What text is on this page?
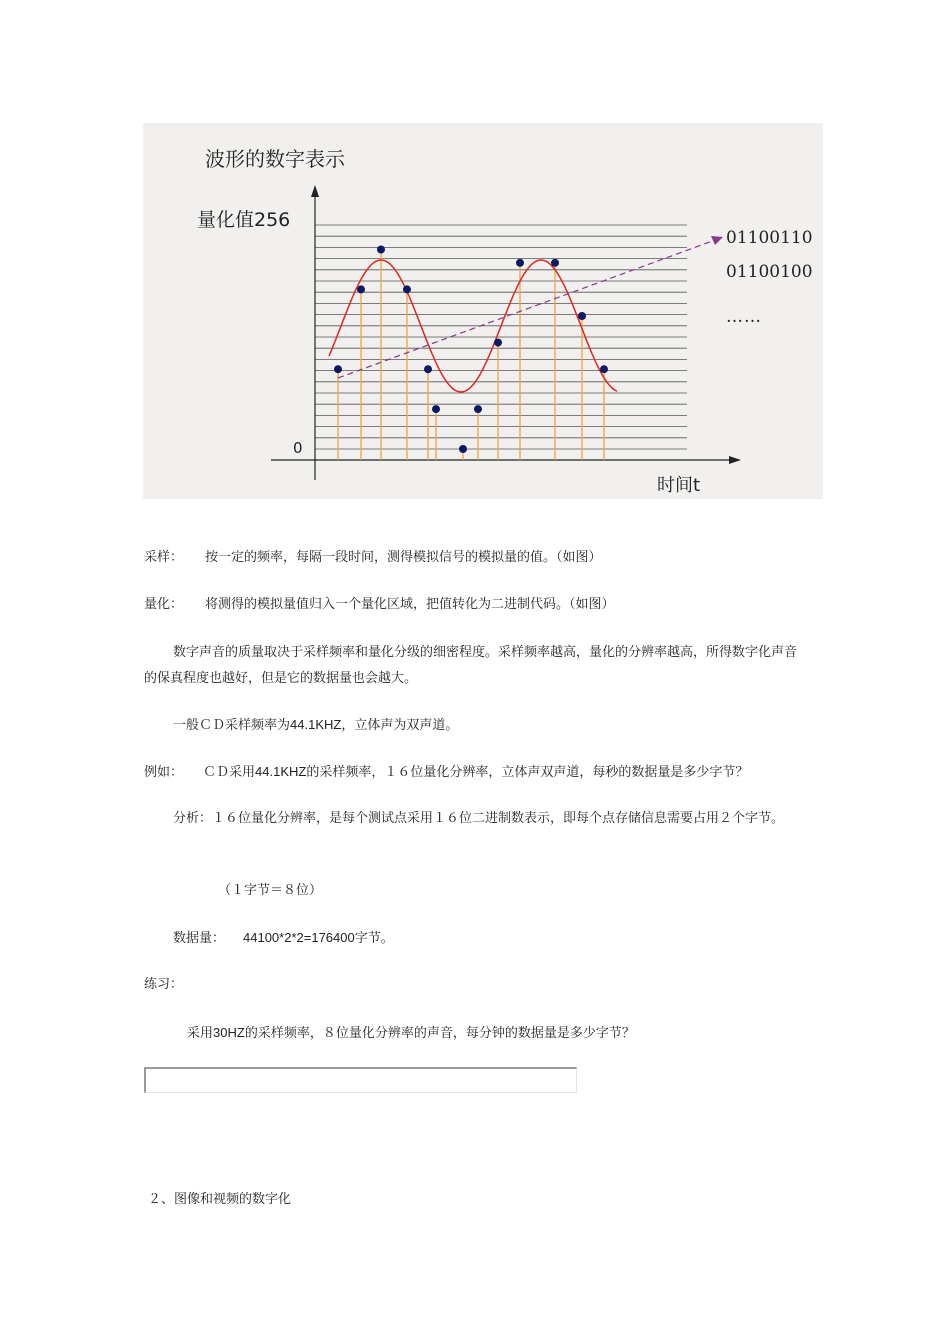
波形的数字表示
量化值256
0
时间t
01100110
01100100
……
采样： 按一定的频率，每隔一段时间，测得模拟信号的模拟量的值。（如图）
量化： 将测得的模拟量值归入一个量化区域，把值转化为二进制代码。（如图）
数字声音的质量取决于采样频率和量化分级的细密程度。采样频率越高，量化的分辨率越高，所得数字化声音的保真程度也越好，但是它的数据量也会越大。
一般ＣＤ采样频率为44.1KHZ，立体声为双声道。
例如： ＣＤ采用44.1KHZ的采样频率，１６位量化分辨率，立体声双声道，每秒的数据量是多少字节？
分析：１６位量化分辨率，是每个测试点采用１６位二进制数表示，即每个点存储信息需要占用２个字节。
（１字节＝８位）
数据量： 44100*2*2=176400字节。
练习：
采用30HZ的采样频率，８位量化分辨率的声音，每分钟的数据量是多少字节？
２、图像和视频的数字化
